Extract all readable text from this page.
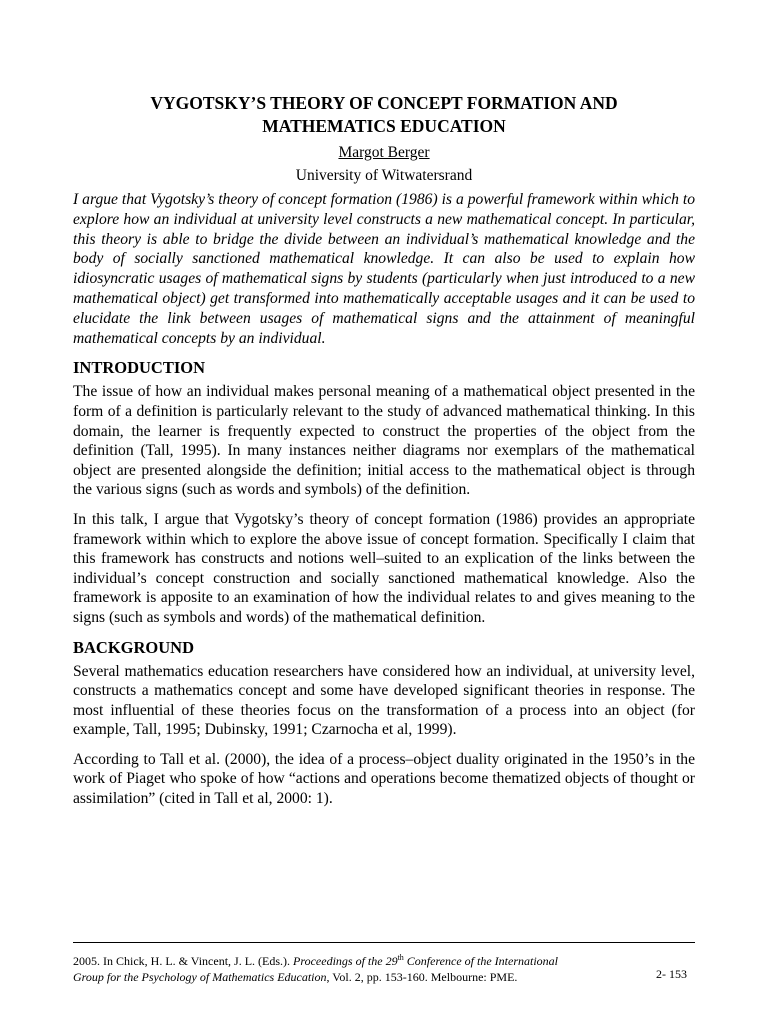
VYGOTSKY’S THEORY OF CONCEPT FORMATION AND
MATHEMATICS EDUCATION
Margot Berger
University of Witwatersrand
I argue that Vygotsky’s theory of concept formation (1986) is a powerful framework within which to explore how an individual at university level constructs a new mathematical concept. In particular, this theory is able to bridge the divide between an individual’s mathematical knowledge and the body of socially sanctioned mathematical knowledge. It can also be used to explain how idiosyncratic usages of mathematical signs by students (particularly when just introduced to a new mathematical object) get transformed into mathematically acceptable usages and it can be used to elucidate the link between usages of mathematical signs and the attainment of meaningful mathematical concepts by an individual.
INTRODUCTION

The issue of how an individual makes personal meaning of a mathematical object presented in the form of a definition is particularly relevant to the study of advanced mathematical thinking. In this domain, the learner is frequently expected to construct the properties of the object from the definition (Tall, 1995). In many instances neither diagrams nor exemplars of the mathematical object are presented alongside the definition; initial access to the mathematical object is through the various signs (such as words and symbols) of the definition.

In this talk, I argue that Vygotsky’s theory of concept formation (1986) provides an appropriate framework within which to explore the above issue of concept formation. Specifically I claim that this framework has constructs and notions well–suited to an explication of the links between the individual’s concept construction and socially sanctioned mathematical knowledge. Also the framework is apposite to an examination of how the individual relates to and gives meaning to the signs (such as symbols and words) of the mathematical definition.

BACKGROUND

Several mathematics education researchers have considered how an individual, at university level, constructs a mathematics concept and some have developed significant theories in response. The most influential of these theories focus on the transformation of a process into an object (for example, Tall, 1995; Dubinsky, 1991; Czarnocha et al, 1999).

According to Tall et al. (2000), the idea of a process–object duality originated in the 1950’s in the work of Piaget who spoke of how “actions and operations become thematized objects of thought or assimilation” (cited in Tall et al, 2000: 1).

2005. In Chick, H. L. & Vincent, J. L. (Eds.). Proceedings of the 29th Conference of the International
Group for the Psychology of Mathematics Education, Vol. 2, pp. 153-160. Melbourne: PME.	2- 153
